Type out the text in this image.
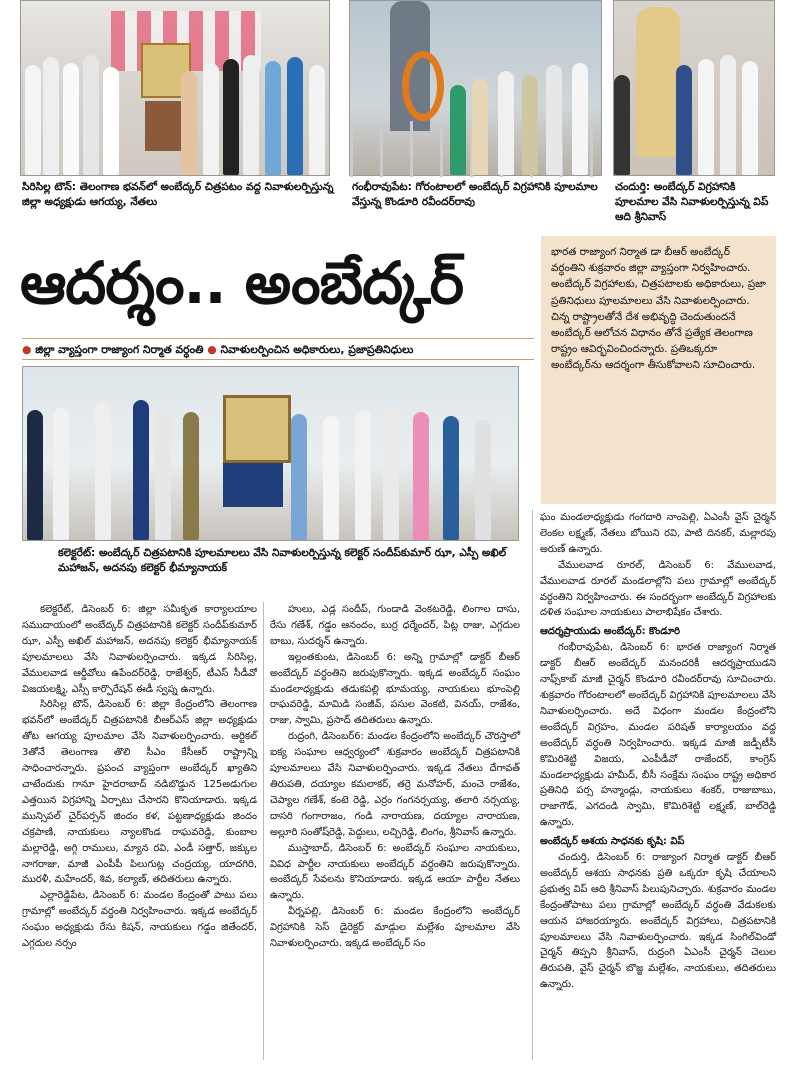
సిరిసిల్ల టౌన్‌: తెలంగాణ భవన్‌లో అంబేద్కర్‌ చిత్రపటం వద్ద నివాళులర్పిస్తున్న జిల్లా అధ్యక్షుడు ఆగయ్య, నేతలు
గంభీరావుపేట: గోరంటాలలో అంబేద్కర్‌ విగ్రహానికి పూలమాల వేస్తున్న కొండూరి రవీందర్‌రావు
చందుర్తి: అంబేద్కర్‌ విగ్రహానికి పూలమాల వేసి నివాళులర్పిస్తున్న విప్‌ ఆది శ్రీనివాస్‌
ఆదర్శం.. అంబేద్కర్‌
● జిల్లా వ్యాప్తంగా రాజ్యాంగ నిర్మాత వర్ధంతి ● నివాళులర్పించిన అధికారులు, ప్రజాప్రతినిధులు
భారత రాజ్యాంగ నిర్మాత డా బీఆర్‌ అంబేద్కర్‌ వర్ధంతిని శుక్రవారం జిల్లా వ్యాప్తంగా నిర్వహించారు. అంబేద్కర్‌ విగ్రహాలకు, చిత్రపటాలకు అధికారులు, ప్రజా ప్రతినిధులు పూలమాలలు వేసి నివాళులర్పించారు. చిన్న రాష్ట్రాలతోనే దేశ అభివృద్ధి చెందుతుందనే అంబేద్కర్‌ ఆలోచన విధానం తోనే ప్రత్యేక తెలంగాణ రాష్ట్రం ఆవిర్భవించిందన్నారు. ప్రతిఒక్కరూ అంబేద్కర్‌ను ఆదర్శంగా తీసుకోవాలని సూచించారు.
కలెక్టరేట్‌: అంబేద్కర్‌ చిత్రపటానికి పూలమాలలు వేసి నివాళులర్పిస్తున్న కలెక్టర్‌ సందీప్‌కుమార్‌ ఝా, ఎస్పీ అఖిల్‌ మహాజన్‌, అదనపు కలెక్టర్‌ భీమ్యానాయక్‌

కలెక్టరేట్‌, డిసెంబర్‌ 6: జిల్లా సమీకృత కార్యాలయాల సముదాయంలో అంబేద్కర్‌ చిత్రపటానికి కలెక్టర్‌ సందీప్‌కుమార్‌ ఝా, ఎస్పీ అఖిల్‌ మహాజన్‌, అదనపు కలెక్టర్‌ భీమ్యానాయక్‌ పూలమాలలు వేసి నివాళులర్పించారు. ఇక్కడ సిరిసిల్ల, వేములవాడ ఆర్డీవోలు ఉపేందర్‌రెడ్డి, రాజేశ్వర్‌, టీఎస్‌ సీడీవో విజయలక్ష్మి, ఎస్సీ కార్పొరేషన్‌ ఈడీ స్వప్న ఉన్నారు.

సిరిసిల్ల టౌన్‌, డిసెంబర్‌ 6: జిల్లా కేంద్రంలోని తెలంగాణ భవన్‌లో అంబేద్కర్‌ చిత్రపటానికి బీఆర్‌ఎస్‌ జిల్లా అధ్యక్షుడు తోట ఆగయ్య పూలమాల వేసి నివాళులర్పించారు. ఆర్టికల్‌ 3తోనే తెలంగాణ తొలి సీఎం కేసీఆర్‌ రాష్ట్రాన్ని సాధించారన్నారు. ప్రపంచ వ్యాప్తంగా అంబేద్కర్‌ ఖ్యాతిని చాటేందుకు గానూ హైదరాబాద్‌ నడిబొడ్డున 125అడుగుల ఎత్తయిన విగ్రహాన్ని ఏర్పాటు చేసారని కొనియాడారు. ఇక్కడ మున్సిపల్‌ చైర్‌పర్సన్‌ జిందం కళ, పట్టణాధ్యక్షుడు జిందం చక్రపాణి, నాయకులు న్యాలకొండ రాఘవరెడ్డి, కుంబాల మల్లారెడ్డి, అగ్గి రాములు, మ్యాన రవి, ఎండీ సత్తార్‌, జక్కుల నాగరాజు, మాజీ ఎంపీపీ పిలుగుట్ల చంద్రయ్య, యాదగిరి, మురళీ, మహేందర్‌, శివ, కల్యాణ్‌, తదితరులు ఉన్నారు.

ఎల్లారెడ్డిపేట, డిసెంబర్‌ 6: మండల కేంద్రంతో పాటు పలు గ్రామాల్లో అంబేద్కర్‌ వర్ధంతి నిర్వహించారు. ఇక్కడ అంబేద్కర్‌ సంఘం అధ్యక్షుడు రేసు కిషన్‌, నాయకులు గడ్డం జితేందర్‌, ఎగ్గదుల నర్సం

హులు, ఎడ్ల సందీప్‌, గుండాడి వెంకటరెడ్డి, లింగాల దాసు, రేసు గణేశ్‌, గడ్డం ఆనందం, బుర్ర ధర్మేందర్‌, పిట్ల రాజు, ఎగ్గదుల బాబు, సుదర్శన్‌ ఉన్నారు.

ఇల్లంతకుంట, డిసెంబర్‌ 6: అన్ని గ్రామాల్లో డాక్టర్‌ బీఆర్‌ అంబేద్కర్‌ వర్ధంతిని జరుపుకొన్నారు. ఇక్కడ అంబేద్కర్‌ సంఘం మండలాధ్యక్షుడు తడుకపల్లి భూమయ్య, నాయకులు భూంపెల్లి రాఘవరెడ్డి, మామిడి సంజీవ్‌, పసుల వెంకటి, వినయ్‌, రాజేశం, రాజు, స్వామి, ప్రసాద్‌ తదితరులు ఉన్నారు.

రుద్రంగి, డిసెంబర్‌6: మండల కేంద్రంలోని అంబేద్కర్‌ చౌరస్తాలో ఐక్య సంఘాల ఆధ్వర్యంలో శుక్రవారం అంబేద్కర్‌ చిత్రపటానికి పూలమాలలు వేసి నివాళులర్పించారు. ఇక్కడ నేతలు దేగావత్‌ తిరుపతి, దయ్యాల కమలాకర్‌, తర్రె మనోహర్‌, మంచె రాజేశం, చెప్యాల గణేశ్‌, కంటె రెడ్డి, ఎర్రం గంగనర్సయ్య, తలారి నర్సయ్య, దాసరి గంగారాజం, గండి నారాయణ, దయ్యాల నారాయణ, అల్లూరి సంతోష్‌రెడ్డి, పెద్దులు, లచ్చిరెడ్డి, లింగం, శ్రీనివాస్‌ ఉన్నారు.

ముస్తాబాద్‌, డిసెంబర్‌ 6: అంబేద్కర్‌ సంఘాల నాయకులు, వివిధ పార్టీల నాయకులు అంబేద్కర్‌ వర్ధంతిని జరుపుకొన్నారు. అంబేద్కర్‌ సేవలను కొనియాడారు. ఇక్కడ ఆయా పార్టీల నేతలు ఉన్నారు.

వీర్నపల్లి, డిసెంబర్‌ 6: మండల కేంద్రంలోని అంబేద్కర్‌ విగ్రహానికి సెస్‌ డైరెక్టర్‌ మాడ్గుల మల్లేశం పూలమాల వేసి నివాళులర్పించారు. ఇక్కడ అంబేద్కర్‌ సం

ఘం మండలాధ్యక్షుడు గంగదారి నాంపెల్లి, ఏఎంసీ వైస్‌ చైర్మన్‌ లెంకల లక్ష్మణ్‌, నేతలు బోయిని రవి, పాటి దినకర్‌, మల్లారపు అరుణ్‌ ఉన్నారు.

వేములవాడ రూరల్‌, డిసెంబర్‌ 6: వేములవాడ, వేములవాడ రూరల్‌ మండలాల్లోని పలు గ్రామాల్లో అంబేద్కర్‌ వర్ధంతిని నిర్వహించారు. ఈ సందర్భంగా అంబేద్కర్‌ విగ్రహాలకు దళిత సంఘాల నాయకులు పాలాభిషేకం చేశారు.

ఆదర్శప్రాయుడు అంబేద్కర్‌: కొండూరి

గంభీరావుపేట, డిసెంబర్‌ 6: భారత రాజ్యాంగ నిర్మాత డాక్టర్‌ బీఆర్‌ అంబేద్కర్‌ మనందరికీ ఆదర్శప్రాయుడని నాఫ్స్‌కాబ్‌ మాజీ చైర్మన్‌ కొండూరి రవీందర్‌రావు సూచించారు. శుక్రవారం గోరంటాలలో అంబేద్కర్‌ విగ్రహానికి పూలమాలలు వేసి నివాళులర్పించారు. అదే విధంగా మండల కేంద్రంలోని అంబేద్కర్‌ విగ్రహం, మండల పరిషత్‌ కార్యాలయం వద్ద అంబేద్కర్‌ వర్ధంతి నిర్వహించారు. ఇక్కడ మాజీ జడ్పీటీసీ కొమిరిశెట్టి విజయ, ఎంపీడీవో రాజేందర్‌, కాంగ్రెస్‌ మండలాధ్యక్షుడు హమీద్‌, బీసీ సంక్షేమ సంఘం రాష్ట్ర అధికార ప్రతినిధి పర్స హన్మాండ్లు, నాయకులు శంకర్‌, రాజుబాబు, రాజాగౌడ్‌, ఎగదండి స్వామి, కొమిరిశెట్టి లక్ష్మణ్‌, బాల్‌రెడ్డి ఉన్నారు.

అంబేద్కర్‌ ఆశయ సాధనకు కృషి: విప్‌

చందుర్తి, డిసెంబర్‌ 6: రాజ్యాంగ నిర్మాత డాక్టర్‌ బీఆర్‌ అంబేద్కర్‌ ఆశయ సాధనకు ప్రతి ఒక్కరూ కృషి చేయాలని ప్రభుత్వ విప్‌ ఆది శ్రీనివాస్‌ పిలుపునిచ్చారు. శుక్రవారం మండల కేంద్రంతోపాటు పలు గ్రామాల్లో అంబేద్కర్‌ వర్ధంతి వేడుకలకు ఆయన హాజరయ్యారు. అంబేద్కర్‌ విగ్రహాలు, చిత్రపటానికి పూలమాలలు వేసి నివాళులర్పించారు. ఇక్కడ సింగిల్‌విండో చైర్మన్‌ తిప్పని శ్రీనివాస్‌, రుద్రంగి ఏఎంసీ చైర్మన్‌ చెలుల తిరుపతి, వైస్‌ చైర్మన్‌ బొజ్జ మల్లేశం, నాయకులు, తదితరులు ఉన్నారు.
